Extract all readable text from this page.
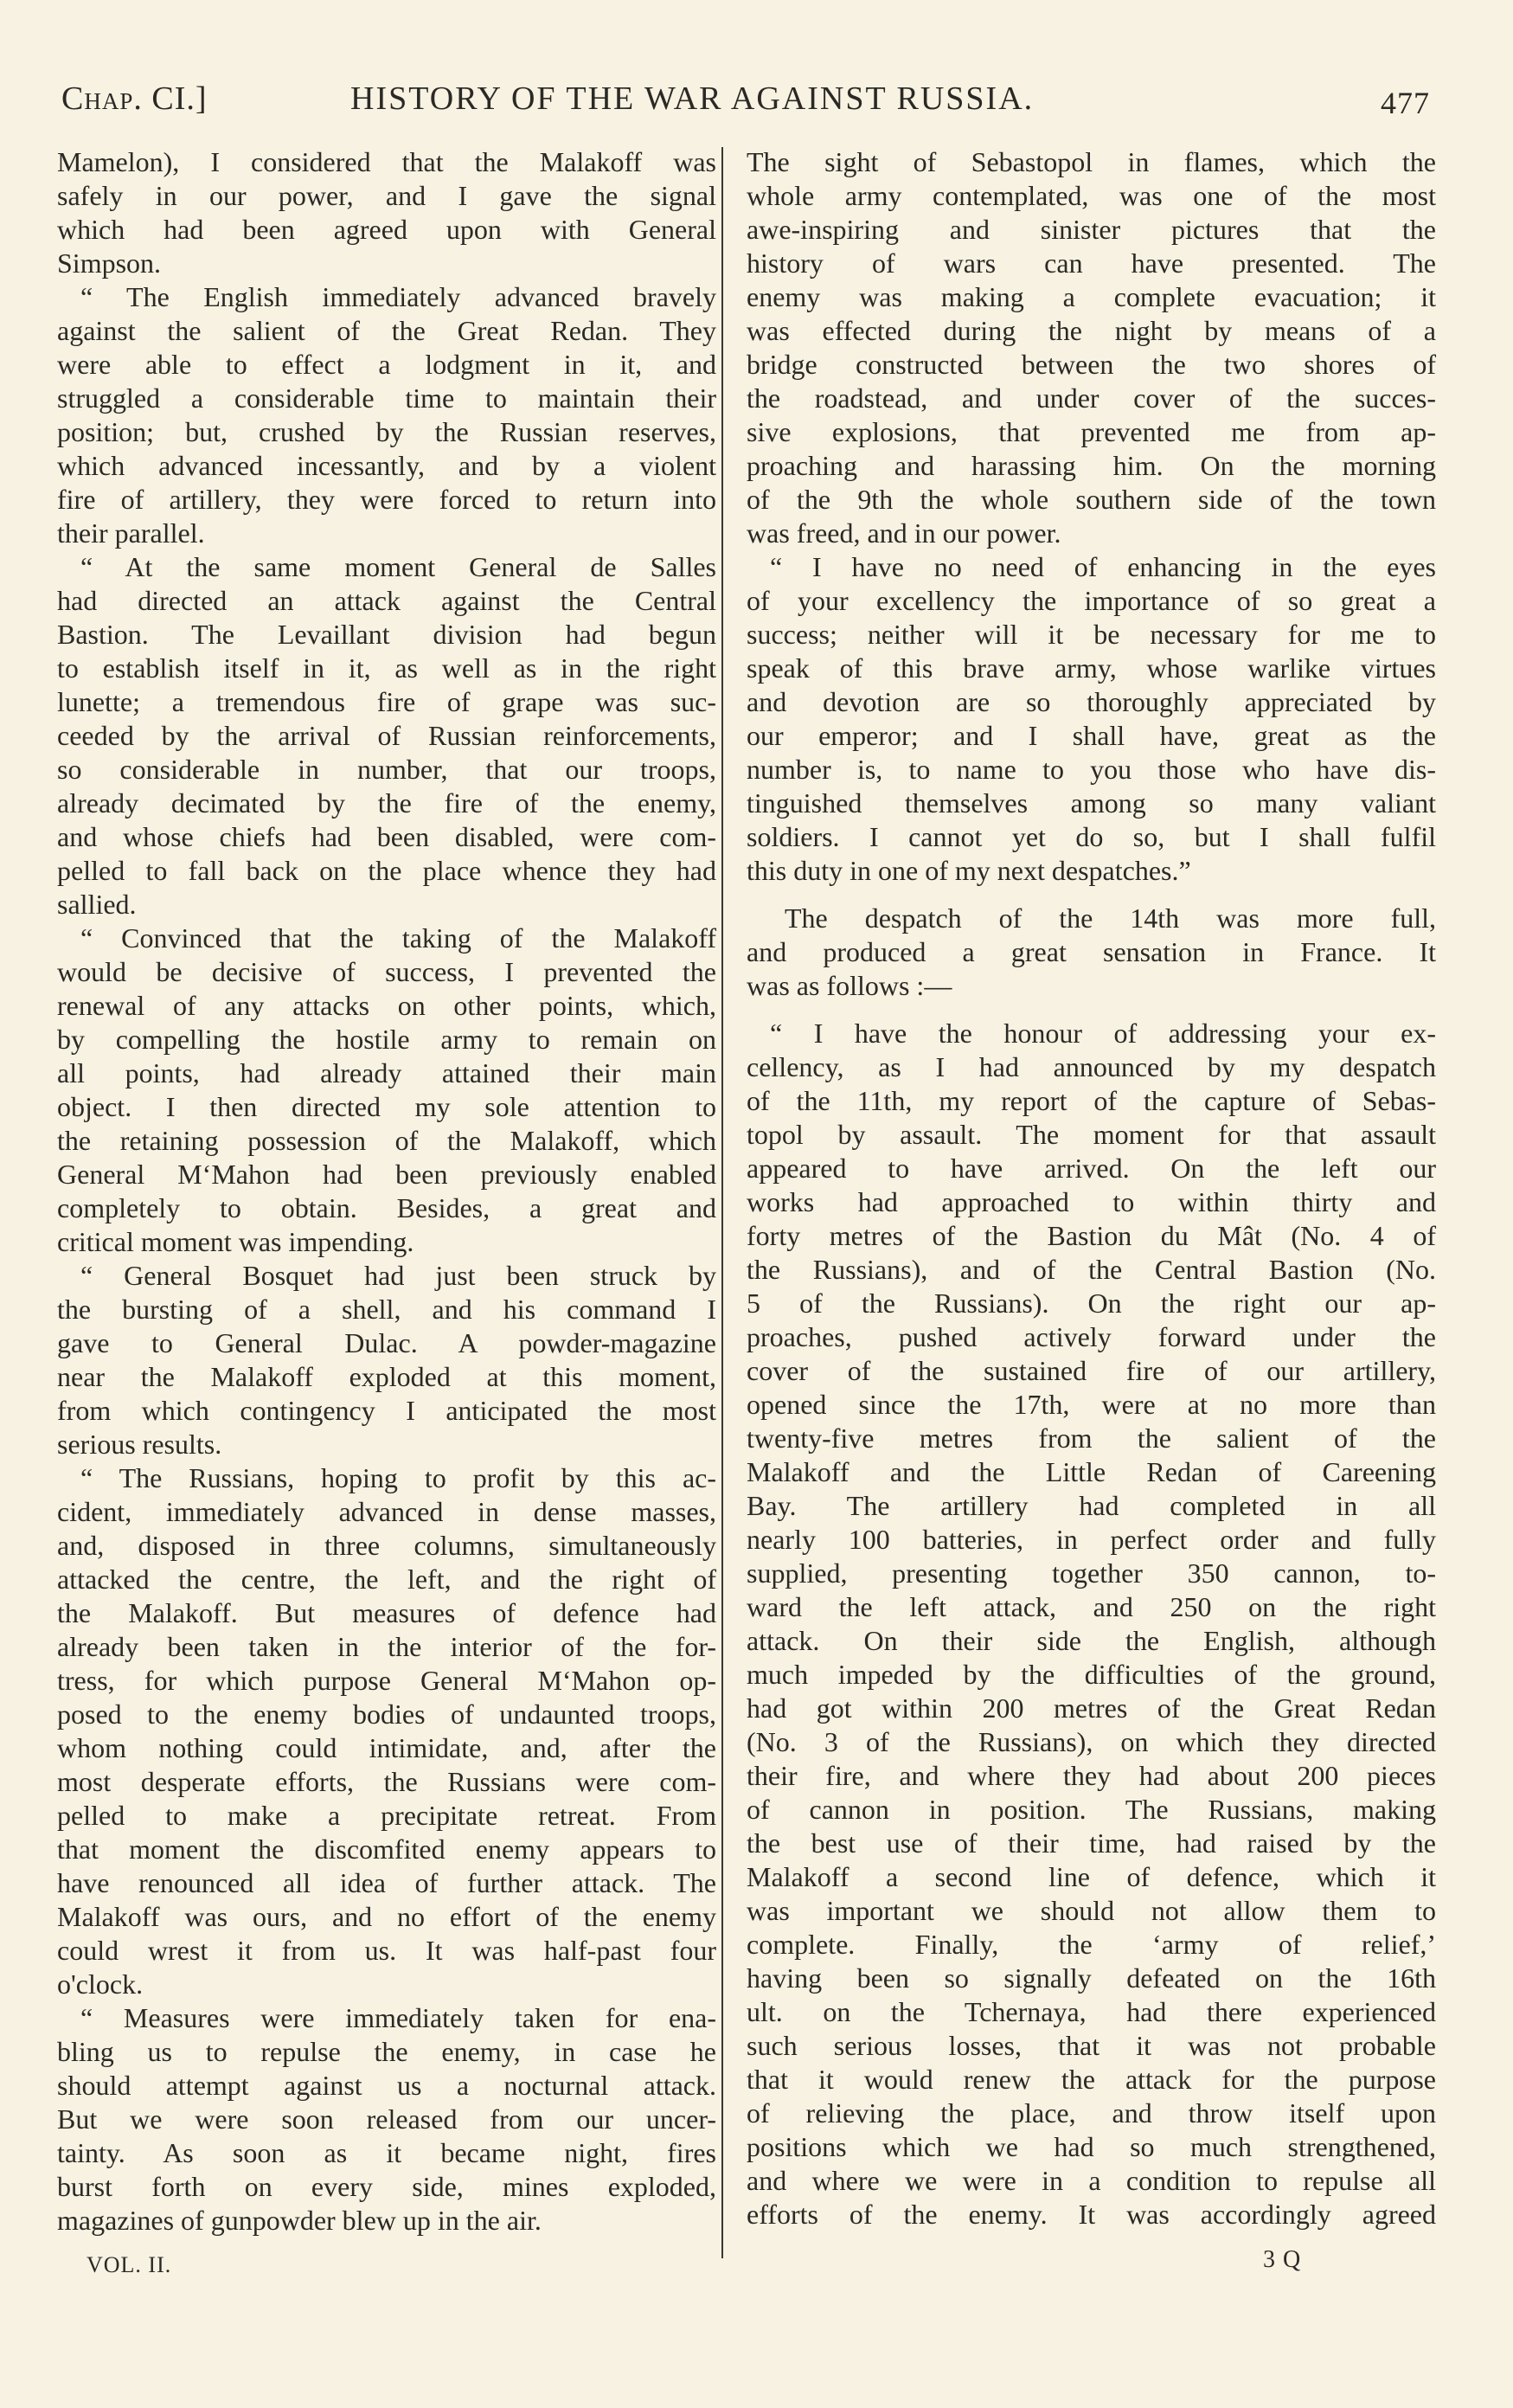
Chap. CI.]	HISTORY OF THE WAR AGAINST RUSSIA.	477
Mamelon), I considered that the Malakoff was
safely in our power, and I gave the signal
which had been agreed upon with General
Simpson.
“ The English immediately advanced bravely
against the salient of the Great Redan. They
were able to effect a lodgment in it, and
struggled a considerable time to maintain their
position; but, crushed by the Russian reserves,
which advanced incessantly, and by a violent
fire of artillery, they were forced to return into
their parallel.
“ At the same moment General de Salles
had directed an attack against the Central
Bastion. The Levaillant division had begun
to establish itself in it, as well as in the right
lunette; a tremendous fire of grape was suc-
ceeded by the arrival of Russian reinforcements,
so considerable in number, that our troops,
already decimated by the fire of the enemy,
and whose chiefs had been disabled, were com-
pelled to fall back on the place whence they had
sallied.
“ Convinced that the taking of the Malakoff
would be decisive of success, I prevented the
renewal of any attacks on other points, which,
by compelling the hostile army to remain on
all points, had already attained their main
object. I then directed my sole attention to
the retaining possession of the Malakoff, which
General M‘Mahon had been previously enabled
completely to obtain. Besides, a great and
critical moment was impending.
“ General Bosquet had just been struck by
the bursting of a shell, and his command I
gave to General Dulac. A powder-magazine
near the Malakoff exploded at this moment,
from which contingency I anticipated the most
serious results.
“ The Russians, hoping to profit by this ac-
cident, immediately advanced in dense masses,
and, disposed in three columns, simultaneously
attacked the centre, the left, and the right of
the Malakoff. But measures of defence had
already been taken in the interior of the for-
tress, for which purpose General M‘Mahon op-
posed to the enemy bodies of undaunted troops,
whom nothing could intimidate, and, after the
most desperate efforts, the Russians were com-
pelled to make a precipitate retreat. From
that moment the discomfited enemy appears to
have renounced all idea of further attack. The
Malakoff was ours, and no effort of the enemy
could wrest it from us. It was half-past four
o'clock.
“ Measures were immediately taken for ena-
bling us to repulse the enemy, in case he
should attempt against us a nocturnal attack.
But we were soon released from our uncer-
tainty. As soon as it became night, fires
burst forth on every side, mines exploded,
magazines of gunpowder blew up in the air.
The sight of Sebastopol in flames, which the
whole army contemplated, was one of the most
awe-inspiring and sinister pictures that the
history of wars can have presented. The
enemy was making a complete evacuation; it
was effected during the night by means of a
bridge constructed between the two shores of
the roadstead, and under cover of the succes-
sive explosions, that prevented me from ap-
proaching and harassing him. On the morning
of the 9th the whole southern side of the town
was freed, and in our power.
“ I have no need of enhancing in the eyes
of your excellency the importance of so great a
success; neither will it be necessary for me to
speak of this brave army, whose warlike virtues
and devotion are so thoroughly appreciated by
our emperor; and I shall have, great as the
number is, to name to you those who have dis-
tinguished themselves among so many valiant
soldiers. I cannot yet do so, but I shall fulfil
this duty in one of my next despatches.”
The despatch of the 14th was more full,
and produced a great sensation in France. It
was as follows :—
“ I have the honour of addressing your ex-
cellency, as I had announced by my despatch
of the 11th, my report of the capture of Sebas-
topol by assault. The moment for that assault
appeared to have arrived. On the left our
works had approached to within thirty and
forty metres of the Bastion du Mât (No. 4 of
the Russians), and of the Central Bastion (No.
5 of the Russians). On the right our ap-
proaches, pushed actively forward under the
cover of the sustained fire of our artillery,
opened since the 17th, were at no more than
twenty-five metres from the salient of the
Malakoff and the Little Redan of Careening
Bay. The artillery had completed in all
nearly 100 batteries, in perfect order and fully
supplied, presenting together 350 cannon, to-
ward the left attack, and 250 on the right
attack. On their side the English, although
much impeded by the difficulties of the ground,
had got within 200 metres of the Great Redan
(No. 3 of the Russians), on which they directed
their fire, and where they had about 200 pieces
of cannon in position. The Russians, making
the best use of their time, had raised by the
Malakoff a second line of defence, which it
was important we should not allow them to
complete. Finally, the ‘army of relief,’
having been so signally defeated on the 16th
ult. on the Tchernaya, had there experienced
such serious losses, that it was not probable
that it would renew the attack for the purpose
of relieving the place, and throw itself upon
positions which we had so much strengthened,
and where we were in a condition to repulse all
efforts of the enemy. It was accordingly agreed
VOL. II.	3 Q
